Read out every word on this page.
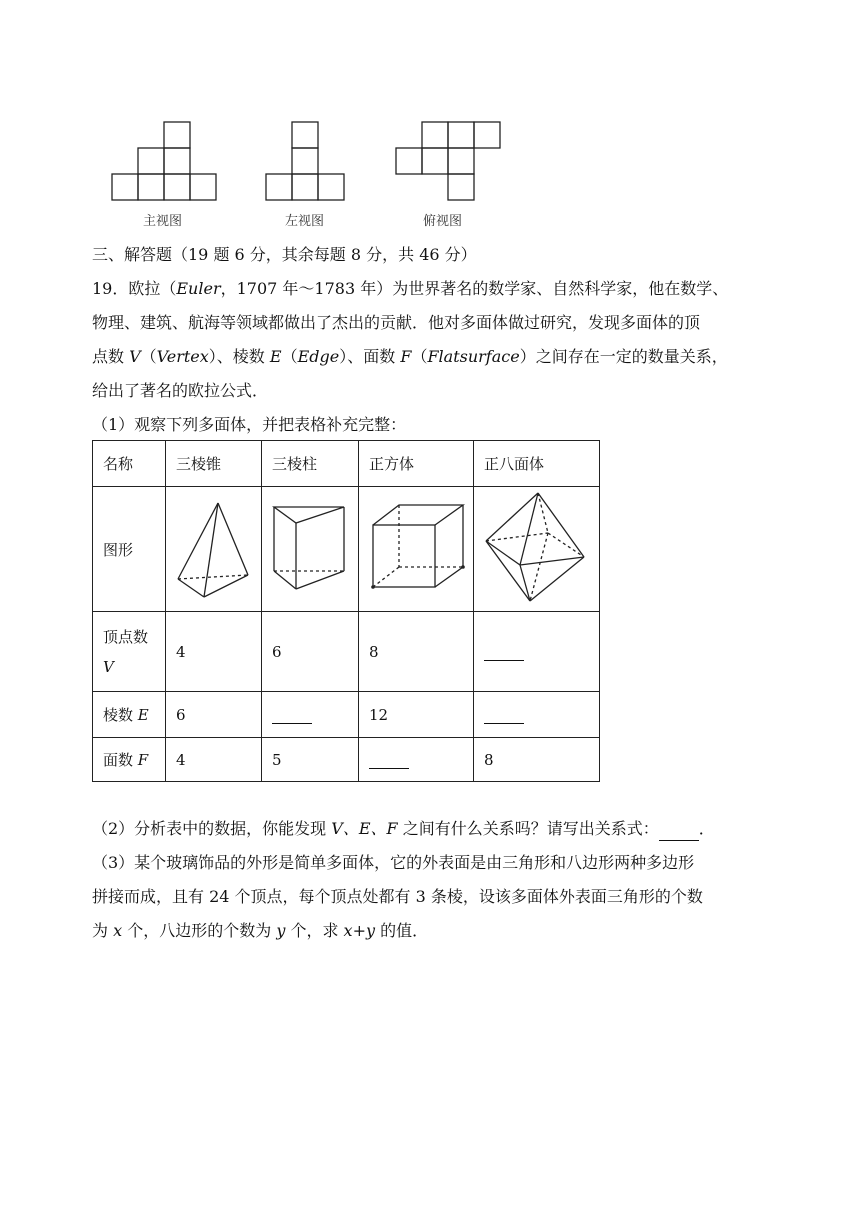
主视图	左视图	俯视图
三、解答题（19 题 6 分，其余每题 8 分，共 46 分）
19．欧拉（Euler，1707 年～1783 年）为世界著名的数学家、自然科学家，他在数学、
物理、建筑、航海等领域都做出了杰出的贡献．他对多面体做过研究，发现多面体的顶
点数 V（Vertex）、棱数 E（Edge）、面数 F（Flatsurface）之间存在一定的数量关系，
给出了著名的欧拉公式．
（1）观察下列多面体，并把表格补充完整：
名称	三棱锥	三棱柱	正方体	正八面体
图形				
顶点数
V	4	6	8	
棱数 E	6		12	
面数 F	4	5		8
（2）分析表中的数据，你能发现 V、E、F 之间有什么关系吗？请写出关系式：	．
（3）某个玻璃饰品的外形是简单多面体，它的外表面是由三角形和八边形两种多边形
拼接而成，且有 24 个顶点，每个顶点处都有 3 条棱，设该多面体外表面三角形的个数
为 x 个，八边形的个数为 y 个，求 x+y 的值．
